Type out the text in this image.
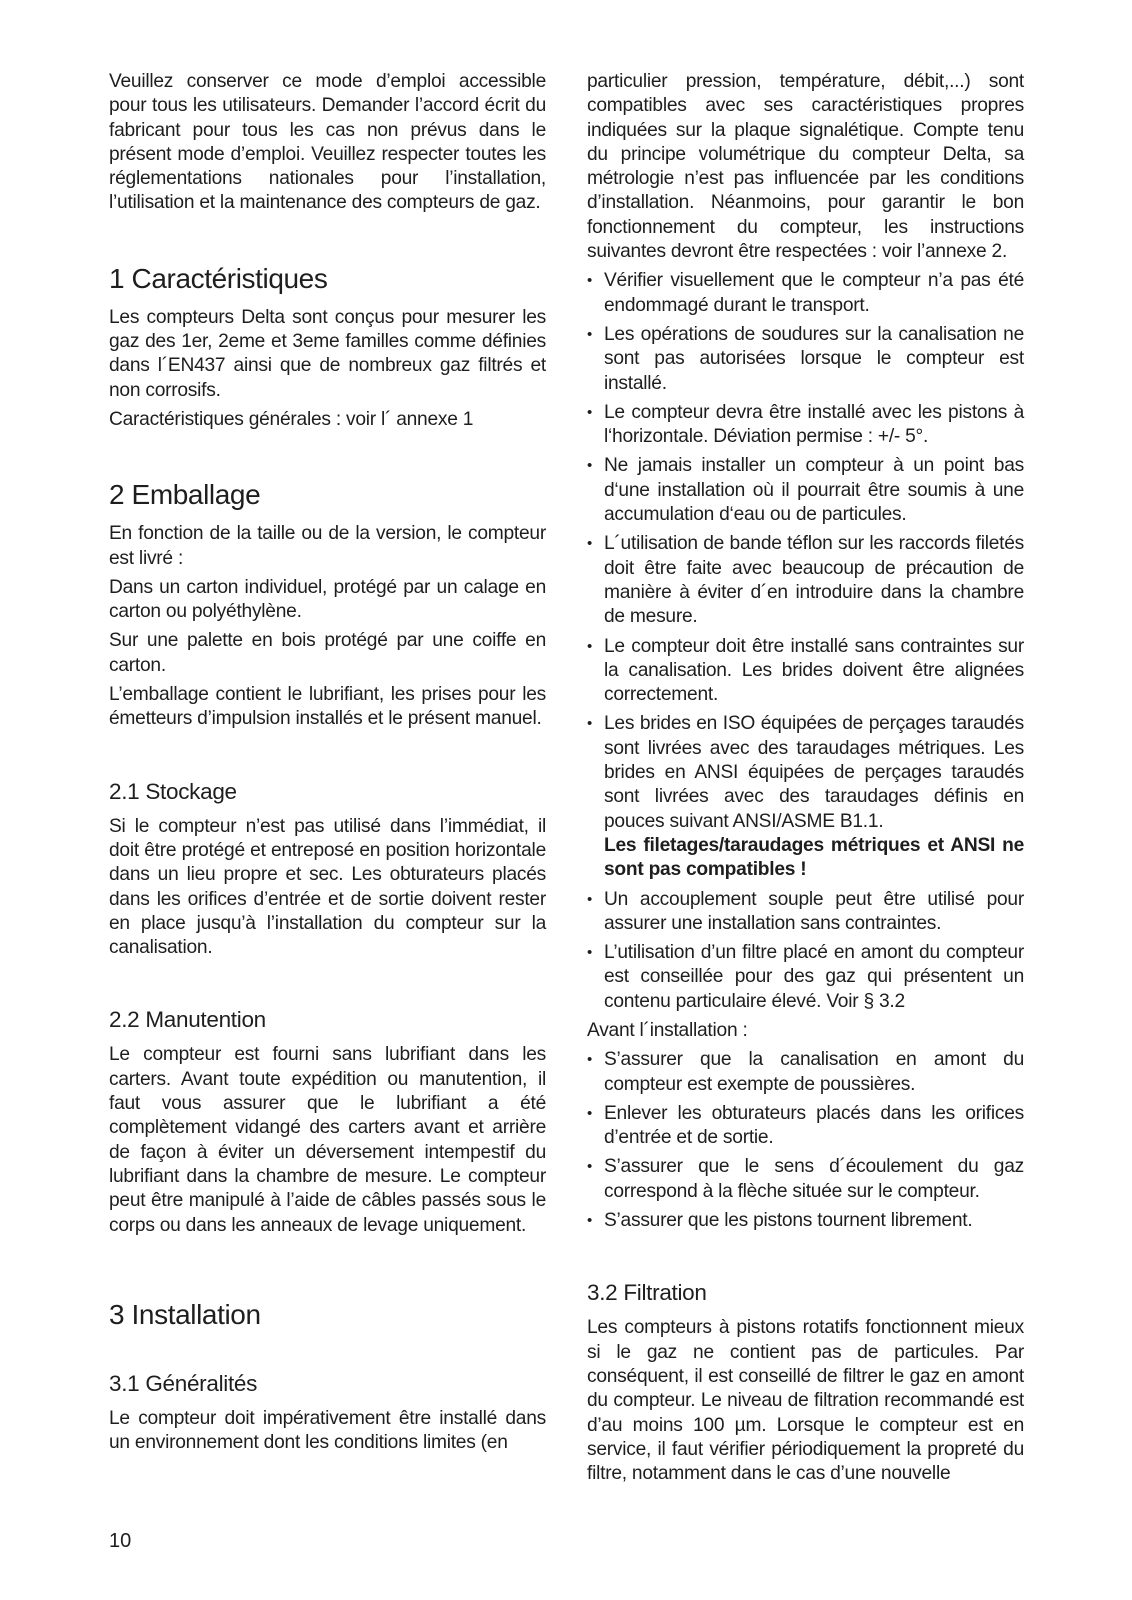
Veuillez conserver ce mode d’emploi accessible pour tous les utilisateurs. Demander l’accord écrit du fabricant pour tous les cas non prévus dans le présent mode d’emploi. Veuillez respecter toutes les réglementations nationales pour l’installation, l’utilisation et la maintenance des compteurs de gaz.

1 Caractéristiques

Les compteurs Delta sont conçus pour mesurer les gaz des 1er, 2eme et 3eme familles comme définies dans l´EN437 ainsi que de nombreux gaz filtrés et non corrosifs.

Caractéristiques générales : voir l´ annexe 1

2 Emballage

En fonction de la taille ou de la version, le compteur est livré :

Dans un carton individuel, protégé par un calage en carton ou polyéthylène.

Sur une palette en bois protégé par une coiffe en carton.

L’emballage contient le lubrifiant, les prises pour les émetteurs d’impulsion installés et le présent manuel.

2.1 Stockage

Si le compteur n’est pas utilisé dans l’immédiat, il doit être protégé et entreposé en position horizontale dans un lieu propre et sec. Les obturateurs placés dans les orifices d’entrée et de sortie doivent rester en place jusqu’à l’installation du compteur sur la canalisation.

2.2 Manutention

Le compteur est fourni sans lubrifiant dans les carters. Avant toute expédition ou manutention, il faut vous assurer que le lubrifiant a été complètement vidangé des carters avant et arrière de façon à éviter un déversement intempestif du lubrifiant dans la chambre de mesure. Le compteur peut être manipulé à l’aide de câbles passés sous le corps ou dans les anneaux de levage uniquement.

3 Installation
3.1 Généralités

Le compteur doit impérativement être installé dans un environnement dont les conditions limites (en

particulier pression, température, débit,...) sont compatibles avec ses caractéristiques propres indiquées sur la plaque signalétique. Compte tenu du principe volumétrique du compteur Delta, sa métrologie n’est pas influencée par les conditions d’installation. Néanmoins, pour garantir le bon fonctionnement du compteur, les instructions suivantes devront être respectées : voir l’annexe 2.

• Vérifier visuellement que le compteur n’a pas été endommagé durant le transport.
• Les opérations de soudures sur la canalisation ne sont pas autorisées lorsque le compteur est installé.
• Le compteur devra être installé avec les pistons à l‘horizontale. Déviation permise : +/- 5°.
• Ne jamais installer un compteur à un point bas d‘une installation où il pourrait être soumis à une accumulation d‘eau ou de particules.
• L´utilisation de bande téflon sur les raccords filetés doit être faite avec beaucoup de précaution de manière à éviter d´en introduire dans la chambre de mesure.
• Le compteur doit être installé sans contraintes sur la canalisation. Les brides doivent être alignées correctement.
• Les brides en ISO équipées de perçages taraudés sont livrées avec des taraudages métriques. Les brides en ANSI équipées de perçages taraudés sont livrées avec des taraudages définis en pouces suivant ANSI/ASME B1.1.
Les filetages/taraudages métriques et ANSI ne sont pas compatibles !
• Un accouplement souple peut être utilisé pour assurer une installation sans contraintes.
• L’utilisation d’un filtre placé en amont du compteur est conseillée pour des gaz qui présentent un contenu particulaire élevé. Voir § 3.2

Avant l´installation :

• S’assurer que la canalisation en amont du compteur est exempte de poussières.
• Enlever les obturateurs placés dans les orifices d’entrée et de sortie.
• S’assurer que le sens d´écoulement du gaz correspond à la flèche située sur le compteur.
• S’assurer que les pistons tournent librement.
3.2 Filtration

Les compteurs à pistons rotatifs fonctionnent mieux si le gaz ne contient pas de particules. Par conséquent, il est conseillé de filtrer le gaz en amont du compteur. Le niveau de filtration recommandé est d’au moins 100 µm. Lorsque le compteur est en service, il faut vérifier périodiquement la propreté du filtre, notamment dans le cas d’une nouvelle

10
